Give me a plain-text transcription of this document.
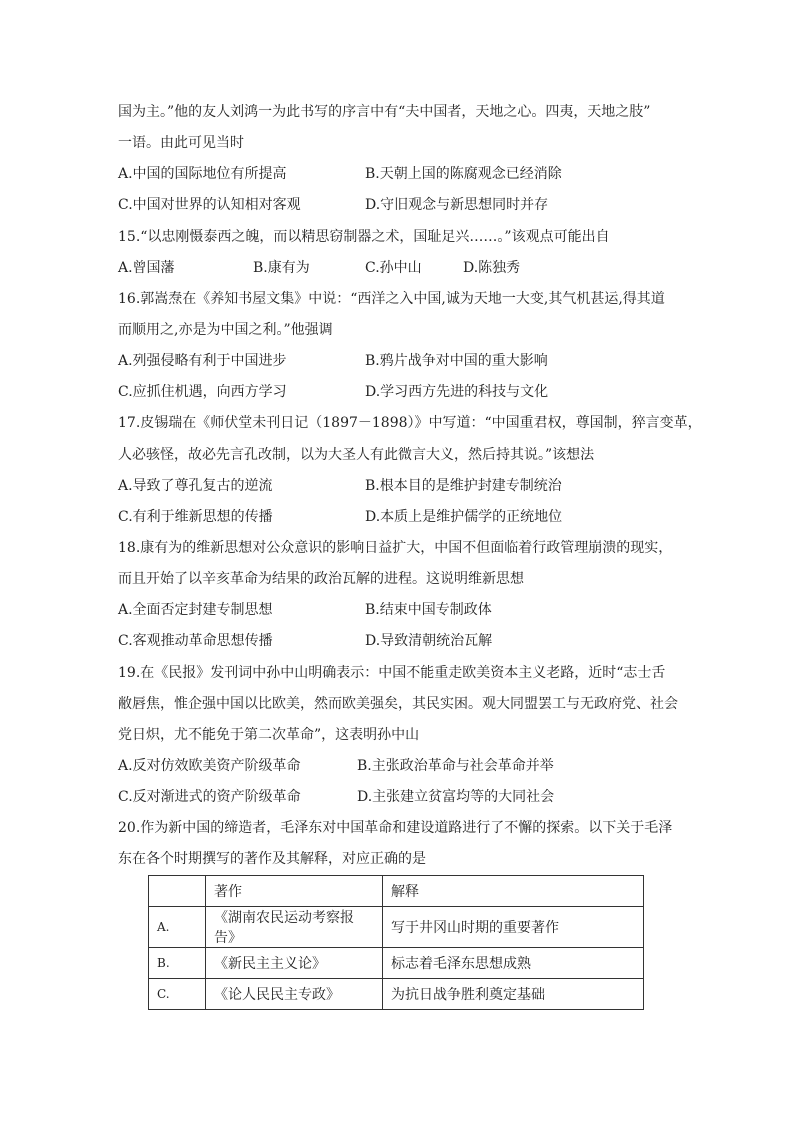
国为主。”他的友人刘鸿一为此书写的序言中有“夫中国者，天地之心。四夷，天地之肢”
一语。由此可见当时
A.中国的国际地位有所提高	B.天朝上国的陈腐观念已经消除
C.中国对世界的认知相对客观	D.守旧观念与新思想同时并存
15.“以忠刚慑泰西之魄，而以精思窃制器之术，国耻足兴……。”该观点可能出自
A.曾国藩	B.康有为	C.孙中山	D.陈独秀
16.郭嵩焘在《养知书屋文集》中说：“西洋之入中国,诚为天地一大变,其气机甚运,得其道
而顺用之,亦是为中国之利。”他强调
A.列强侵略有利于中国进步	B.鸦片战争对中国的重大影响
C.应抓住机遇，向西方学习	D.学习西方先进的科技与文化
17.皮锡瑞在《师伏堂未刊日记（1897－1898）》中写道：“中国重君权，尊国制，猝言变革，
人必骇怪，故必先言孔改制，以为大圣人有此微言大义，然后持其说。”该想法
A.导致了尊孔复古的逆流	B.根本目的是维护封建专制统治
C.有利于维新思想的传播	D.本质上是维护儒学的正统地位
18.康有为的维新思想对公众意识的影响日益扩大，中国不但面临着行政管理崩溃的现实，
而且开始了以辛亥革命为结果的政治瓦解的进程。这说明维新思想
A.全面否定封建专制思想	B.结束中国专制政体
C.客观推动革命思想传播	D.导致清朝统治瓦解
19.在《民报》发刊词中孙中山明确表示：中国不能重走欧美资本主义老路，近时“志士舌
敝唇焦，惟企强中国以比欧美，然而欧美强矣，其民实困。观大同盟罢工与无政府党、社会
党日炽，尤不能免于第二次革命”，这表明孙中山
A.反对仿效欧美资产阶级革命	B.主张政治革命与社会革命并举
C.反对渐进式的资产阶级革命	D.主张建立贫富均等的大同社会
20.作为新中国的缔造者，毛泽东对中国革命和建设道路进行了不懈的探索。以下关于毛泽
东在各个时期撰写的著作及其解释，对应正确的是
	著作	解释
A.	《湖南农民运动考察报告》	写于井冈山时期的重要著作
B.	《新民主主义论》	标志着毛泽东思想成熟
C.	《论人民民主专政》	为抗日战争胜利奠定基础
